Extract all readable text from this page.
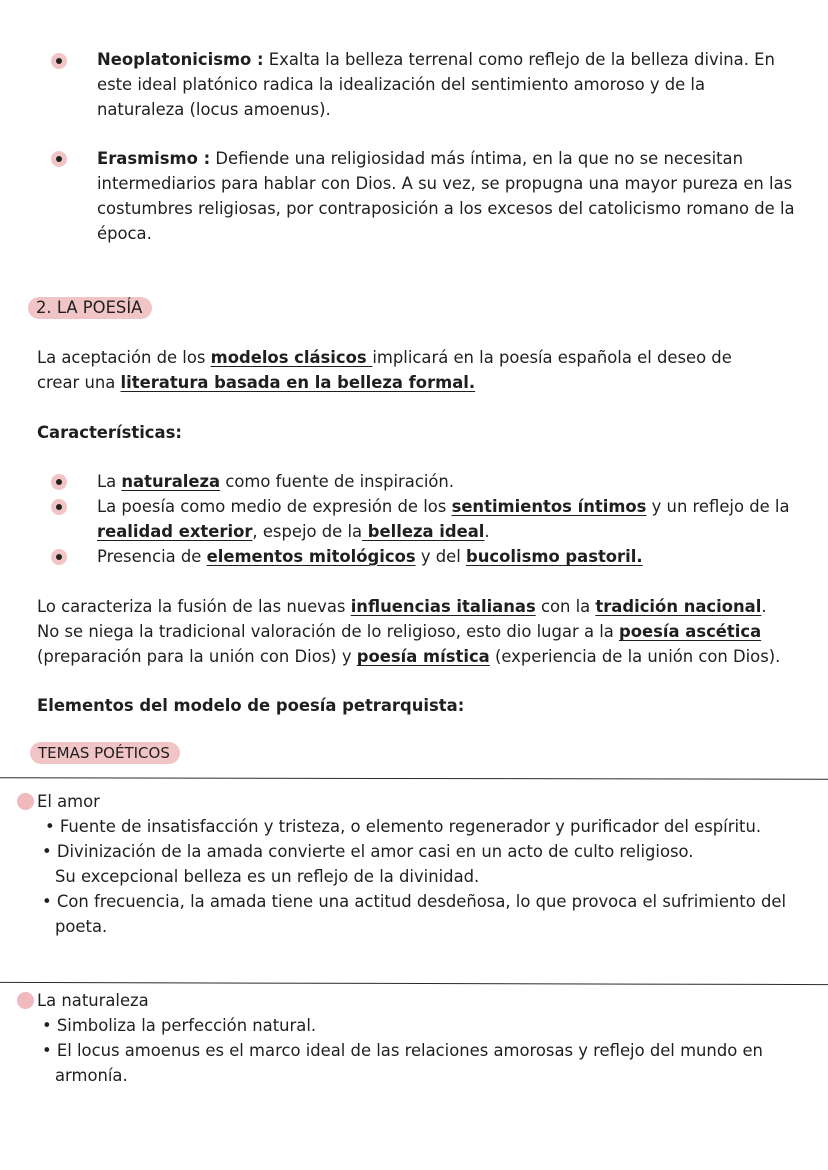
Neoplatonicismo : Exalta la belleza terrenal como reflejo de la belleza divina. En este ideal platónico radica la idealización del sentimiento amoroso y de la naturaleza (locus amoenus).

Erasmismo : Defiende una religiosidad más íntima, en la que no se necesitan intermediarios para hablar con Dios. A su vez, se propugna una mayor pureza en las costumbres religiosas, por contraposición a los excesos del catolicismo romano de la época.

2. LA POESÍA

La aceptación de los modelos clásicos implicará en la poesía española el deseo de crear una literatura basada en la belleza formal.

Características:

La naturaleza como fuente de inspiración.

La poesía como medio de expresión de los sentimientos íntimos y un reflejo de la realidad exterior, espejo de la belleza ideal.

Presencia de elementos mitológicos y del bucolismo pastoril.

Lo caracteriza la fusión de las nuevas influencias italianas con la tradición nacional. No se niega la tradicional valoración de lo religioso, esto dio lugar a la poesía ascética (preparación para la unión con Dios) y poesía mística (experiencia de la unión con Dios).

Elementos del modelo de poesía petrarquista:

TEMAS POÉTICOS

El amor

• Fuente de insatisfacción y tristeza, o elemento regenerador y purificador del espíritu.

• Divinización de la amada convierte el amor casi en un acto de culto religioso.

Su excepcional belleza es un reflejo de la divinidad.

• Con frecuencia, la amada tiene una actitud desdeñosa, lo que provoca el sufrimiento del

poeta.

La naturaleza

• Simboliza la perfección natural.

• El locus amoenus es el marco ideal de las relaciones amorosas y reflejo del mundo en

armonía.
